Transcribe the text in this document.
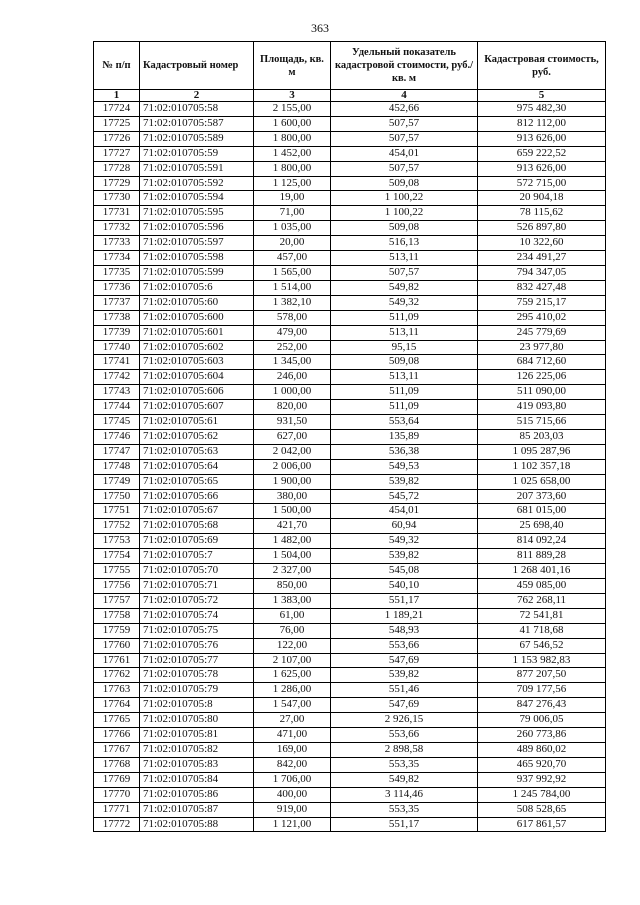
363
№ п/п	Кадастровый номер	Площадь, кв. м	Удельный показатель кадастровой стоимости, руб./кв. м	Кадастровая стоимость, руб.
1	2	3	4	5
17724	71:02:010705:58	2 155,00	452,66	975 482,30
17725	71:02:010705:587	1 600,00	507,57	812 112,00
17726	71:02:010705:589	1 800,00	507,57	913 626,00
17727	71:02:010705:59	1 452,00	454,01	659 222,52
17728	71:02:010705:591	1 800,00	507,57	913 626,00
17729	71:02:010705:592	1 125,00	509,08	572 715,00
17730	71:02:010705:594	19,00	1 100,22	20 904,18
17731	71:02:010705:595	71,00	1 100,22	78 115,62
17732	71:02:010705:596	1 035,00	509,08	526 897,80
17733	71:02:010705:597	20,00	516,13	10 322,60
17734	71:02:010705:598	457,00	513,11	234 491,27
17735	71:02:010705:599	1 565,00	507,57	794 347,05
17736	71:02:010705:6	1 514,00	549,82	832 427,48
17737	71:02:010705:60	1 382,10	549,32	759 215,17
17738	71:02:010705:600	578,00	511,09	295 410,02
17739	71:02:010705:601	479,00	513,11	245 779,69
17740	71:02:010705:602	252,00	95,15	23 977,80
17741	71:02:010705:603	1 345,00	509,08	684 712,60
17742	71:02:010705:604	246,00	513,11	126 225,06
17743	71:02:010705:606	1 000,00	511,09	511 090,00
17744	71:02:010705:607	820,00	511,09	419 093,80
17745	71:02:010705:61	931,50	553,64	515 715,66
17746	71:02:010705:62	627,00	135,89	85 203,03
17747	71:02:010705:63	2 042,00	536,38	1 095 287,96
17748	71:02:010705:64	2 006,00	549,53	1 102 357,18
17749	71:02:010705:65	1 900,00	539,82	1 025 658,00
17750	71:02:010705:66	380,00	545,72	207 373,60
17751	71:02:010705:67	1 500,00	454,01	681 015,00
17752	71:02:010705:68	421,70	60,94	25 698,40
17753	71:02:010705:69	1 482,00	549,32	814 092,24
17754	71:02:010705:7	1 504,00	539,82	811 889,28
17755	71:02:010705:70	2 327,00	545,08	1 268 401,16
17756	71:02:010705:71	850,00	540,10	459 085,00
17757	71:02:010705:72	1 383,00	551,17	762 268,11
17758	71:02:010705:74	61,00	1 189,21	72 541,81
17759	71:02:010705:75	76,00	548,93	41 718,68
17760	71:02:010705:76	122,00	553,66	67 546,52
17761	71:02:010705:77	2 107,00	547,69	1 153 982,83
17762	71:02:010705:78	1 625,00	539,82	877 207,50
17763	71:02:010705:79	1 286,00	551,46	709 177,56
17764	71:02:010705:8	1 547,00	547,69	847 276,43
17765	71:02:010705:80	27,00	2 926,15	79 006,05
17766	71:02:010705:81	471,00	553,66	260 773,86
17767	71:02:010705:82	169,00	2 898,58	489 860,02
17768	71:02:010705:83	842,00	553,35	465 920,70
17769	71:02:010705:84	1 706,00	549,82	937 992,92
17770	71:02:010705:86	400,00	3 114,46	1 245 784,00
17771	71:02:010705:87	919,00	553,35	508 528,65
17772	71:02:010705:88	1 121,00	551,17	617 861,57
